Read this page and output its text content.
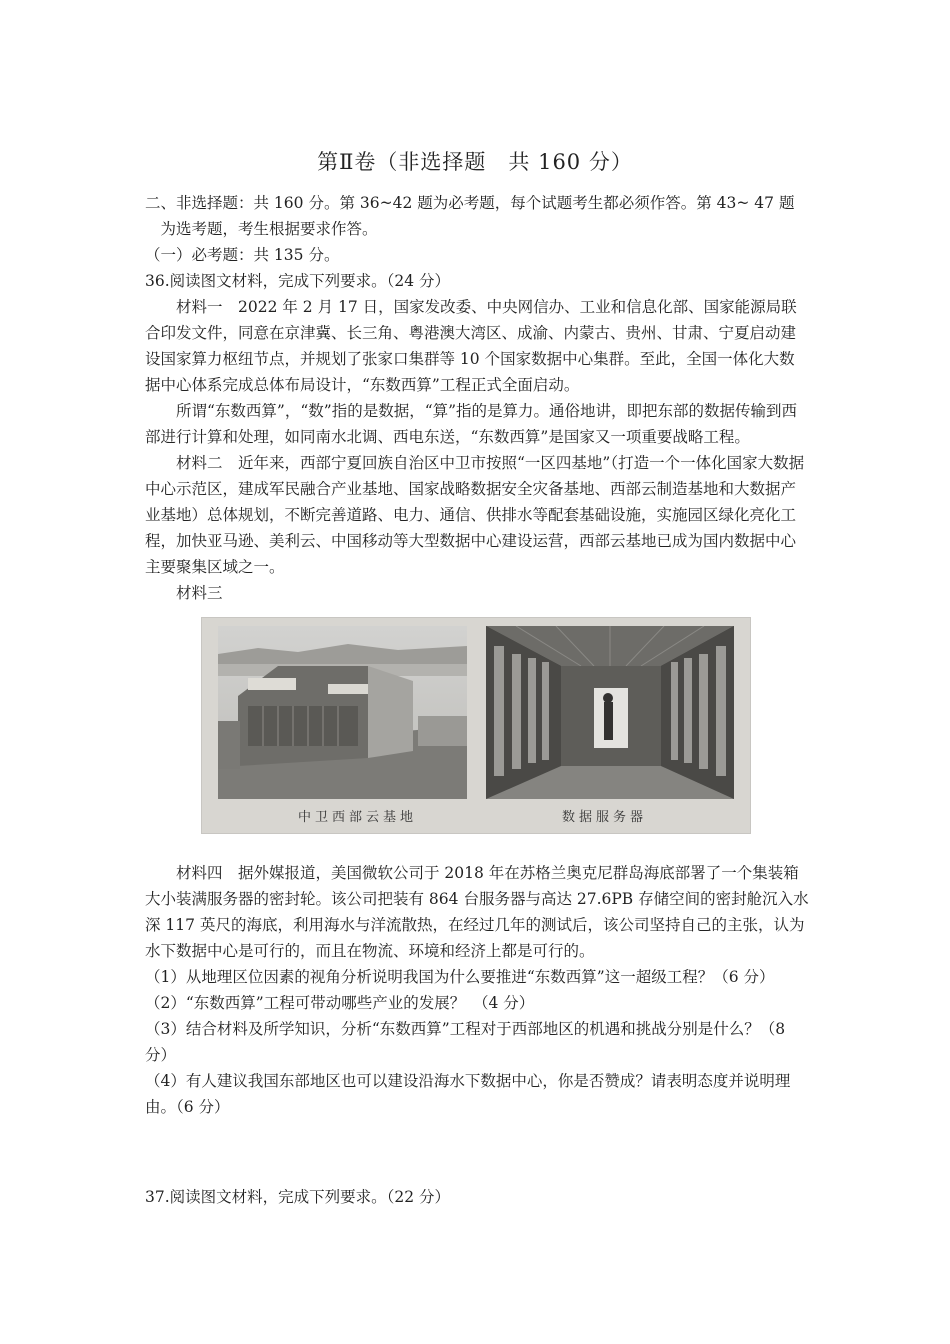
第Ⅱ卷（非选择题　共 160 分）

二、非选择题：共 160 分。第 36~42 题为必考题，每个试题考生都必须作答。第 43~ 47 题

为选考题，考生根据要求作答。

（一）必考题：共 135 分。

36.阅读图文材料，完成下列要求。（24 分）

材料一　2022 年 2 月 17 日，国家发改委、中央网信办、工业和信息化部、国家能源局联合印发文件，同意在京津冀、长三角、粤港澳大湾区、成渝、内蒙古、贵州、甘肃、宁夏启动建设国家算力枢纽节点，并规划了张家口集群等 10 个国家数据中心集群。至此，全国一体化大数据中心体系完成总体布局设计，“东数西算”工程正式全面启动。

所谓“东数西算”，“数”指的是数据，“算”指的是算力。通俗地讲，即把东部的数据传输到西部进行计算和处理，如同南水北调、西电东送，“东数西算”是国家又一项重要战略工程。

材料二　近年来，西部宁夏回族自治区中卫市按照“一区四基地”（打造一个一体化国家大数据中心示范区，建成军民融合产业基地、国家战略数据安全灾备基地、西部云制造基地和大数据产业基地）总体规划，不断完善道路、电力、通信、供排水等配套基础设施，实施园区绿化亮化工程，加快亚马逊、美利云、中国移动等大型数据中心建设运营，西部云基地已成为国内数据中心主要聚集区域之一。

材料三

中卫西部云基地	数据服务器

材料四　据外媒报道，美国微软公司于 2018 年在苏格兰奥克尼群岛海底部署了一个集装箱大小装满服务器的密封轮。该公司把装有 864 台服务器与高达 27.6PB 存储空间的密封舱沉入水深 117 英尺的海底，利用海水与洋流散热，在经过几年的测试后，该公司坚持自己的主张，认为水下数据中心是可行的，而且在物流、环境和经济上都是可行的。

（1）从地理区位因素的视角分析说明我国为什么要推进“东数西算”这一超级工程？（6 分）

（2）“东数西算”工程可带动哪些产业的发展？　（4 分）

（3）结合材料及所学知识，分析“东数西算”工程对于西部地区的机遇和挑战分别是什么？（8 分）

（4）有人建议我国东部地区也可以建设沿海水下数据中心，你是否赞成？请表明态度并说明理由。（6 分）

37.阅读图文材料，完成下列要求。（22 分）
